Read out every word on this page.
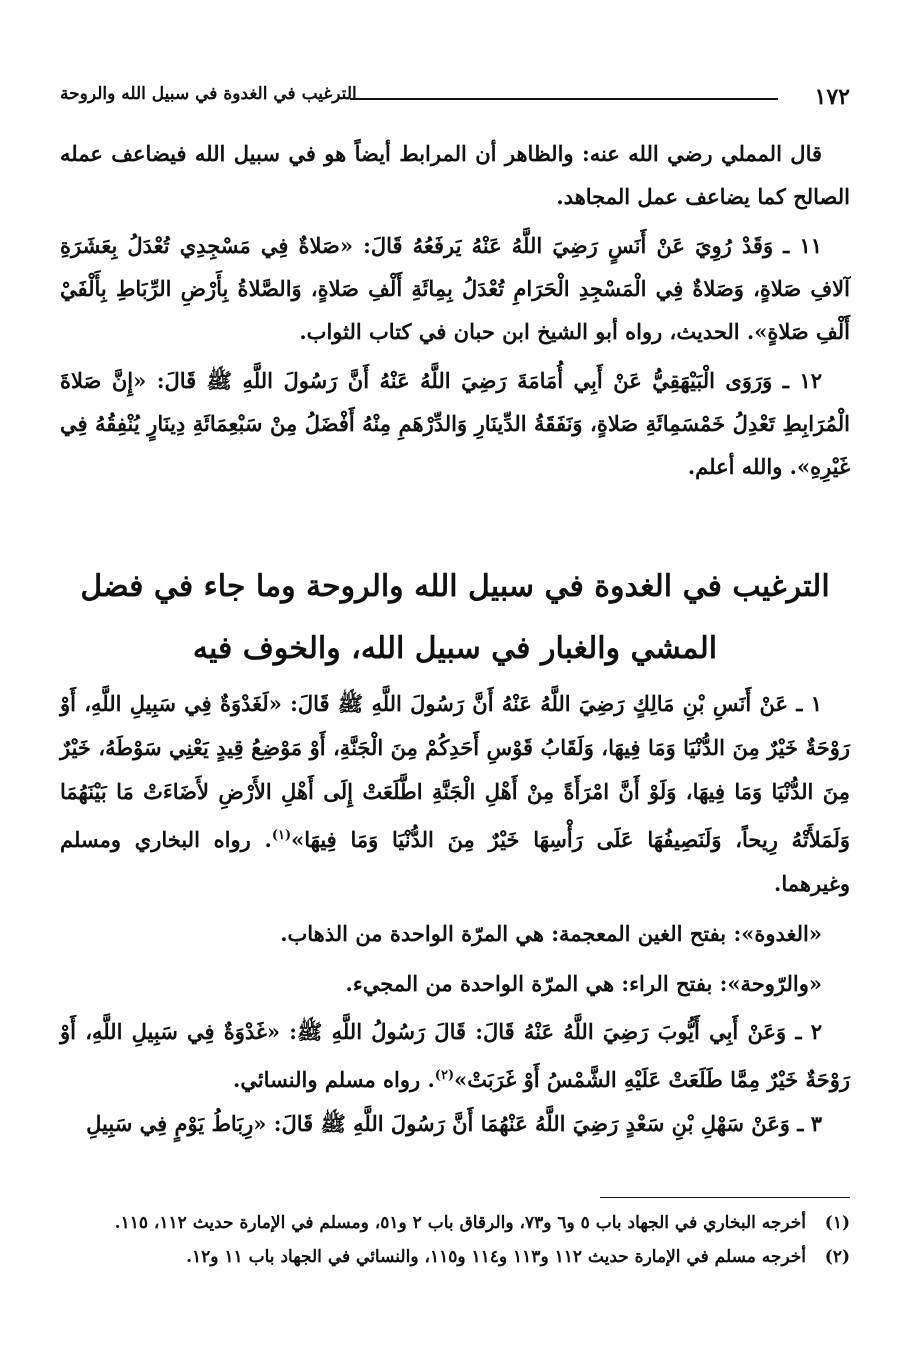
الترغيب في الغدوة في سبيل الله والروحة	١٧٢

قال المملي رضي الله عنه: والظاهر أن المرابط أيضاً هو في سبيل الله فيضاعف عمله الصالح كما يضاعف عمل المجاهد.

١١ ـ وَقَدْ رُوِيَ عَنْ أَنَسٍ رَضِيَ اللَّهُ عَنْهُ يَرفَعُهُ قَالَ: «صَلاةٌ فِي مَسْجِدِي تُعْدَلُ بِعَشَرَةِ آلافِ صَلاةٍ، وَصَلاةٌ فِي الْمَسْجِدِ الْحَرَامِ تُعْدَلُ بِمِائَةِ أَلْفِ صَلاةٍ، وَالصَّلاةُ بِأَرْضِ الرِّبَاطِ بِأَلْفَيْ أَلْفِ صَلاةٍ». الحديث، رواه أبو الشيخ ابن حبان في كتاب الثواب.

١٢ ـ وَرَوَى الْبَيْهَقِيُّ عَنْ أَبِي أُمَامَةَ رَضِيَ اللَّهُ عَنْهُ أَنَّ رَسُولَ اللَّهِ ﷺ قَالَ: «إِنَّ صَلاةَ الْمُرَابِطِ تَعْدِلُ خَمْسَمِائَةِ صَلاةٍ، وَنَفَقَةُ الدِّينَارِ وَالدِّرْهَمِ مِنْهُ أَفْضَلُ مِنْ سَبْعِمَائَةِ دِينَارٍ يُنْفِقُهُ فِي غَيْرِهِ». والله أعلم.

الترغيب في الغدوة في سبيل الله والروحة وما جاء في فضل
المشي والغبار في سبيل الله، والخوف فيه

١ ـ عَنْ أَنَسِ بْنِ مَالِكٍ رَضِيَ اللَّهُ عَنْهُ أَنَّ رَسُولَ اللَّهِ ﷺ قَالَ: «لَغَدْوَةٌ فِي سَبِيلِ اللَّهِ، أَوْ رَوْحَةٌ خَيْرٌ مِنَ الدُّنْيَا وَمَا فِيهَا، وَلَقَابُ قَوْسِ أَحَدِكُمْ مِنَ الْجَنَّةِ، أَوْ مَوْضِعُ قِيدٍ يَعْنِي سَوْطَهُ، خَيْرٌ مِنَ الدُّنْيَا وَمَا فِيهَا، وَلَوْ أَنَّ امْرَأَةً مِنْ أَهْلِ الْجَنَّةِ اطَّلَعَتْ إِلَى أَهْلِ الأَرْضِ لأَضَاءَتْ مَا بَيْنَهُمَا وَلَمَلأَتْهُ رِيحاً، وَلَنَصِيفُهَا عَلَى رَأْسِهَا خَيْرٌ مِنَ الدُّنْيَا وَمَا فِيهَا»$^{(١)}$. رواه البخاري ومسلم وغيرهما.

«الغدوة»: بفتح الغين المعجمة: هي المرّة الواحدة من الذهاب.

«والرّوحة»: بفتح الراء: هي المرّة الواحدة من المجيء.

٢ ـ وَعَنْ أَبِي أَيُّوبَ رَضِيَ اللَّهُ عَنْهُ قَالَ: قَالَ رَسُولُ اللَّهِ ﷺ: «غَدْوَةٌ فِي سَبِيلِ اللَّهِ، أَوْ رَوْحَةٌ خَيْرٌ مِمَّا طَلَعَتْ عَلَيْهِ الشَّمْسُ أَوْ غَرَبَتْ»$^{(٢)}$. رواه مسلم والنسائي.

٣ ـ وَعَنْ سَهْلِ بْنِ سَعْدٍ رَضِيَ اللَّهُ عَنْهُمَا أَنَّ رَسُولَ اللَّهِ ﷺ قَالَ: «رِبَاطُ يَوْمٍ فِي سَبِيلِ

(١)
أخرجه البخاري في الجهاد باب ٥ و٦ و٧٣، والرقاق باب ٢ و٥١، ومسلم في الإمارة حديث ١١٢، ١١٥.
(٢)
أخرجه مسلم في الإمارة حديث ١١٢ و١١٣ و١١٤ و١١٥، والنسائي في الجهاد باب ١١ و١٢.
